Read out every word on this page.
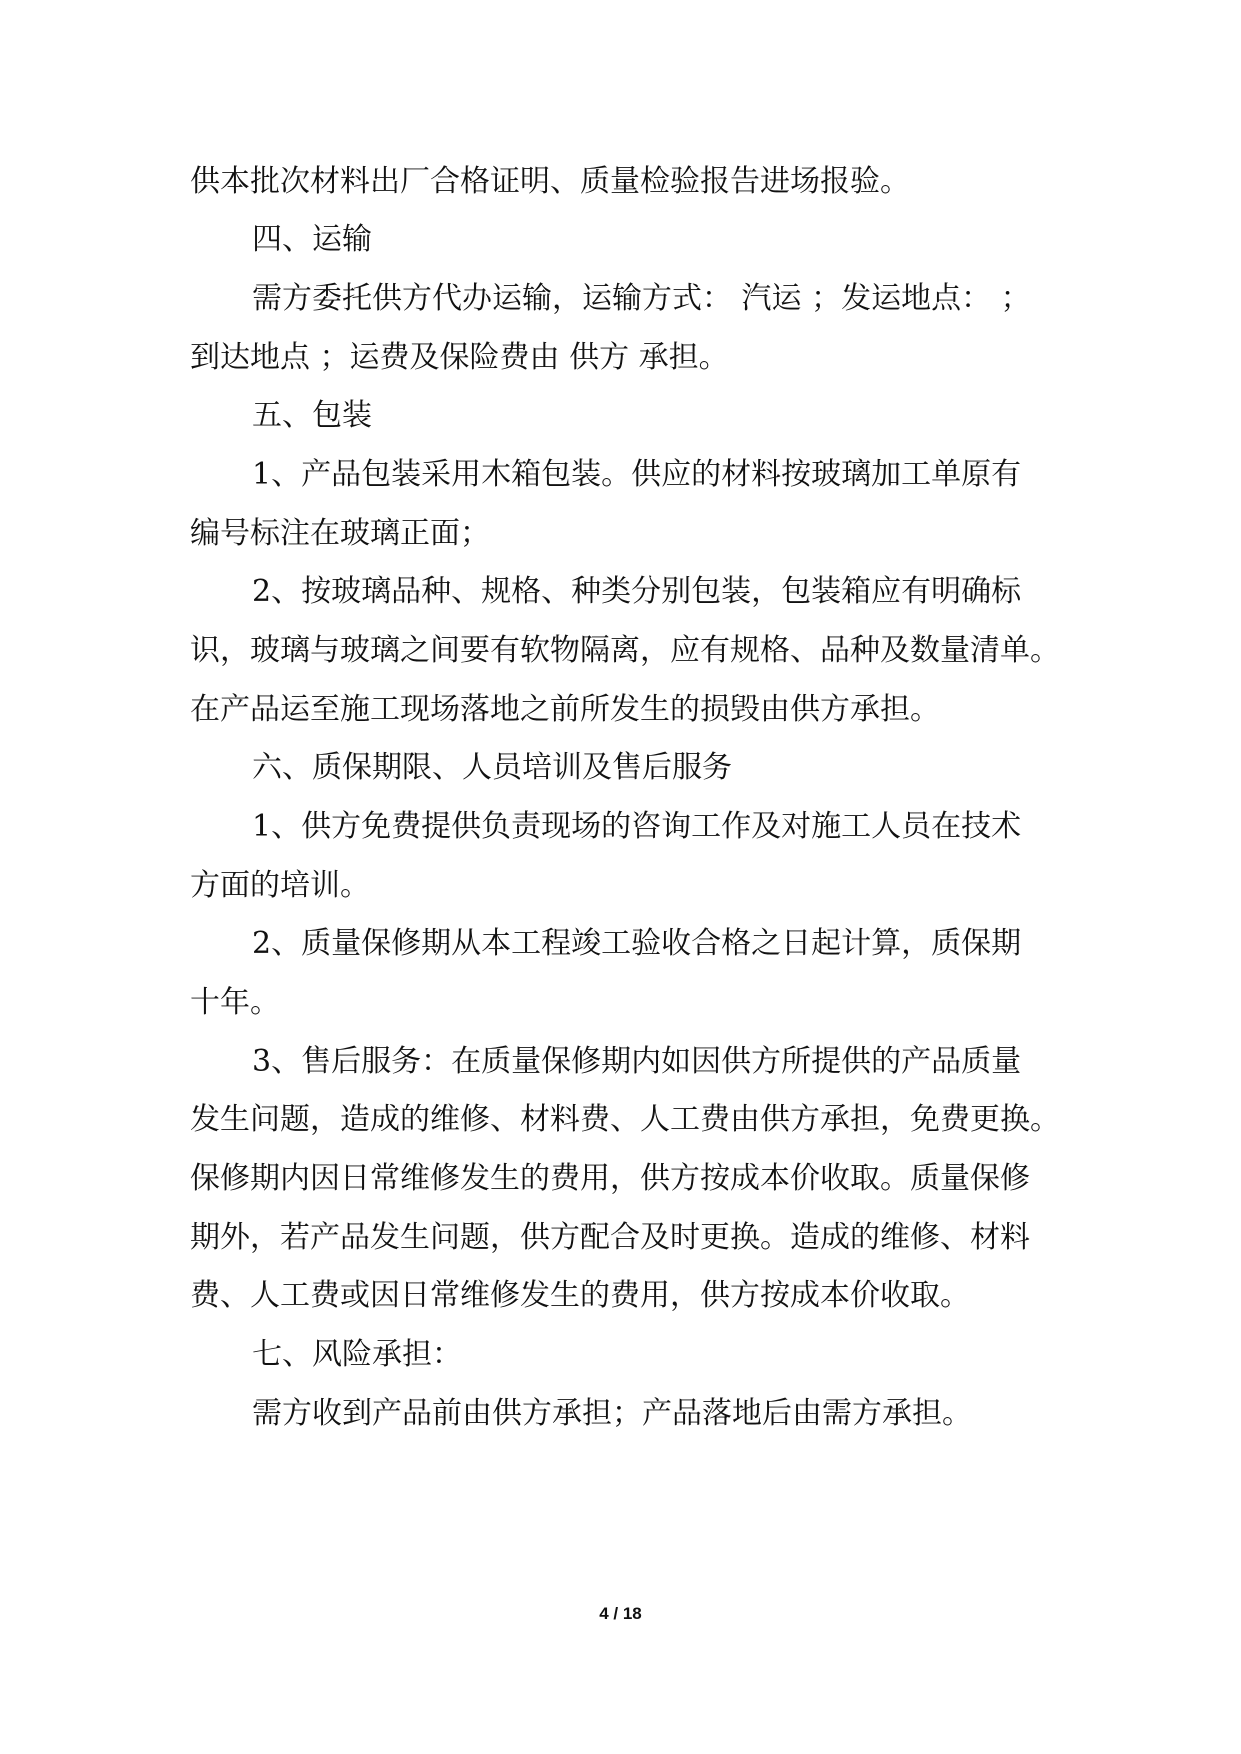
供本批次材料出厂合格证明、质量检验报告进场报验。
四、运输
需方委托供方代办运输，运输方式： 汽运 ；发运地点： ；
到达地点 ；运费及保险费由 供方 承担。
五、包装
1、产品包装采用木箱包装。供应的材料按玻璃加工单原有
编号标注在玻璃正面；
2、按玻璃品种、规格、种类分别包装，包装箱应有明确标
识，玻璃与玻璃之间要有软物隔离，应有规格、品种及数量清单。
在产品运至施工现场落地之前所发生的损毁由供方承担。
六、质保期限、人员培训及售后服务
1、供方免费提供负责现场的咨询工作及对施工人员在技术
方面的培训。
2、质量保修期从本工程竣工验收合格之日起计算，质保期
十年。
3、售后服务：在质量保修期内如因供方所提供的产品质量
发生问题，造成的维修、材料费、人工费由供方承担，免费更换。
保修期内因日常维修发生的费用，供方按成本价收取。质量保修
期外，若产品发生问题，供方配合及时更换。造成的维修、材料
费、人工费或因日常维修发生的费用，供方按成本价收取。
七、风险承担：
需方收到产品前由供方承担；产品落地后由需方承担。
4 / 18
